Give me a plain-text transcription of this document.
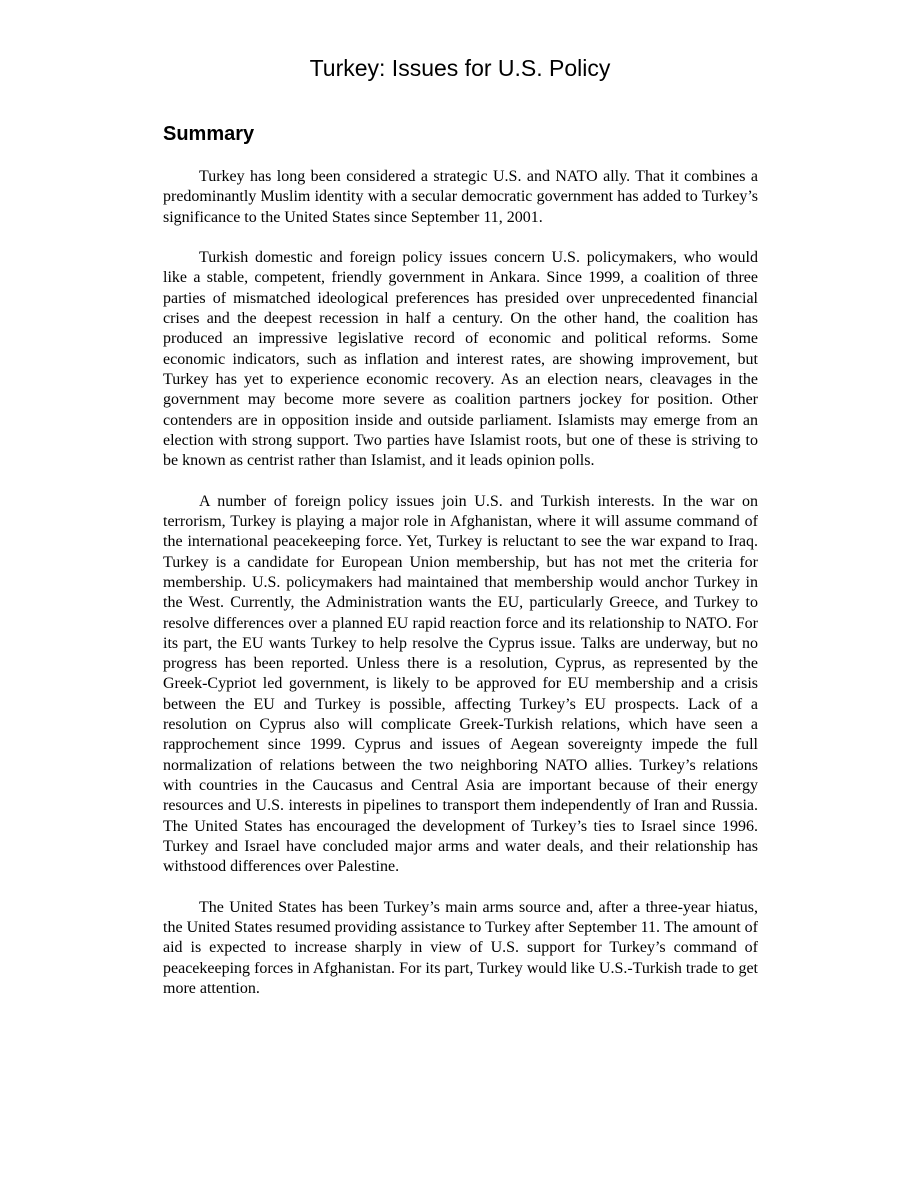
Turkey: Issues for U.S. Policy
Summary

Turkey has long been considered a strategic U.S. and NATO ally. That it combines a predominantly Muslim identity with a secular democratic government has added to Turkey’s significance to the United States since September 11, 2001.

Turkish domestic and foreign policy issues concern U.S. policymakers, who would like a stable, competent, friendly government in Ankara. Since 1999, a coalition of three parties of mismatched ideological preferences has presided over unprecedented financial crises and the deepest recession in half a century. On the other hand, the coalition has produced an impressive legislative record of economic and political reforms. Some economic indicators, such as inflation and interest rates, are showing improvement, but Turkey has yet to experience economic recovery. As an election nears, cleavages in the government may become more severe as coalition partners jockey for position. Other contenders are in opposition inside and outside parliament. Islamists may emerge from an election with strong support. Two parties have Islamist roots, but one of these is striving to be known as centrist rather than Islamist, and it leads opinion polls.

A number of foreign policy issues join U.S. and Turkish interests. In the war on terrorism, Turkey is playing a major role in Afghanistan, where it will assume command of the international peacekeeping force. Yet, Turkey is reluctant to see the war expand to Iraq. Turkey is a candidate for European Union membership, but has not met the criteria for membership. U.S. policymakers had maintained that membership would anchor Turkey in the West. Currently, the Administration wants the EU, particularly Greece, and Turkey to resolve differences over a planned EU rapid reaction force and its relationship to NATO. For its part, the EU wants Turkey to help resolve the Cyprus issue. Talks are underway, but no progress has been reported. Unless there is a resolution, Cyprus, as represented by the Greek-Cypriot led government, is likely to be approved for EU membership and a crisis between the EU and Turkey is possible, affecting Turkey’s EU prospects. Lack of a resolution on Cyprus also will complicate Greek-Turkish relations, which have seen a rapprochement since 1999. Cyprus and issues of Aegean sovereignty impede the full normalization of relations between the two neighboring NATO allies. Turkey’s relations with countries in the Caucasus and Central Asia are important because of their energy resources and U.S. interests in pipelines to transport them independently of Iran and Russia. The United States has encouraged the development of Turkey’s ties to Israel since 1996. Turkey and Israel have concluded major arms and water deals, and their relationship has withstood differences over Palestine.

The United States has been Turkey’s main arms source and, after a three-year hiatus, the United States resumed providing assistance to Turkey after September 11. The amount of aid is expected to increase sharply in view of U.S. support for Turkey’s command of peacekeeping forces in Afghanistan. For its part, Turkey would like U.S.-Turkish trade to get more attention.
